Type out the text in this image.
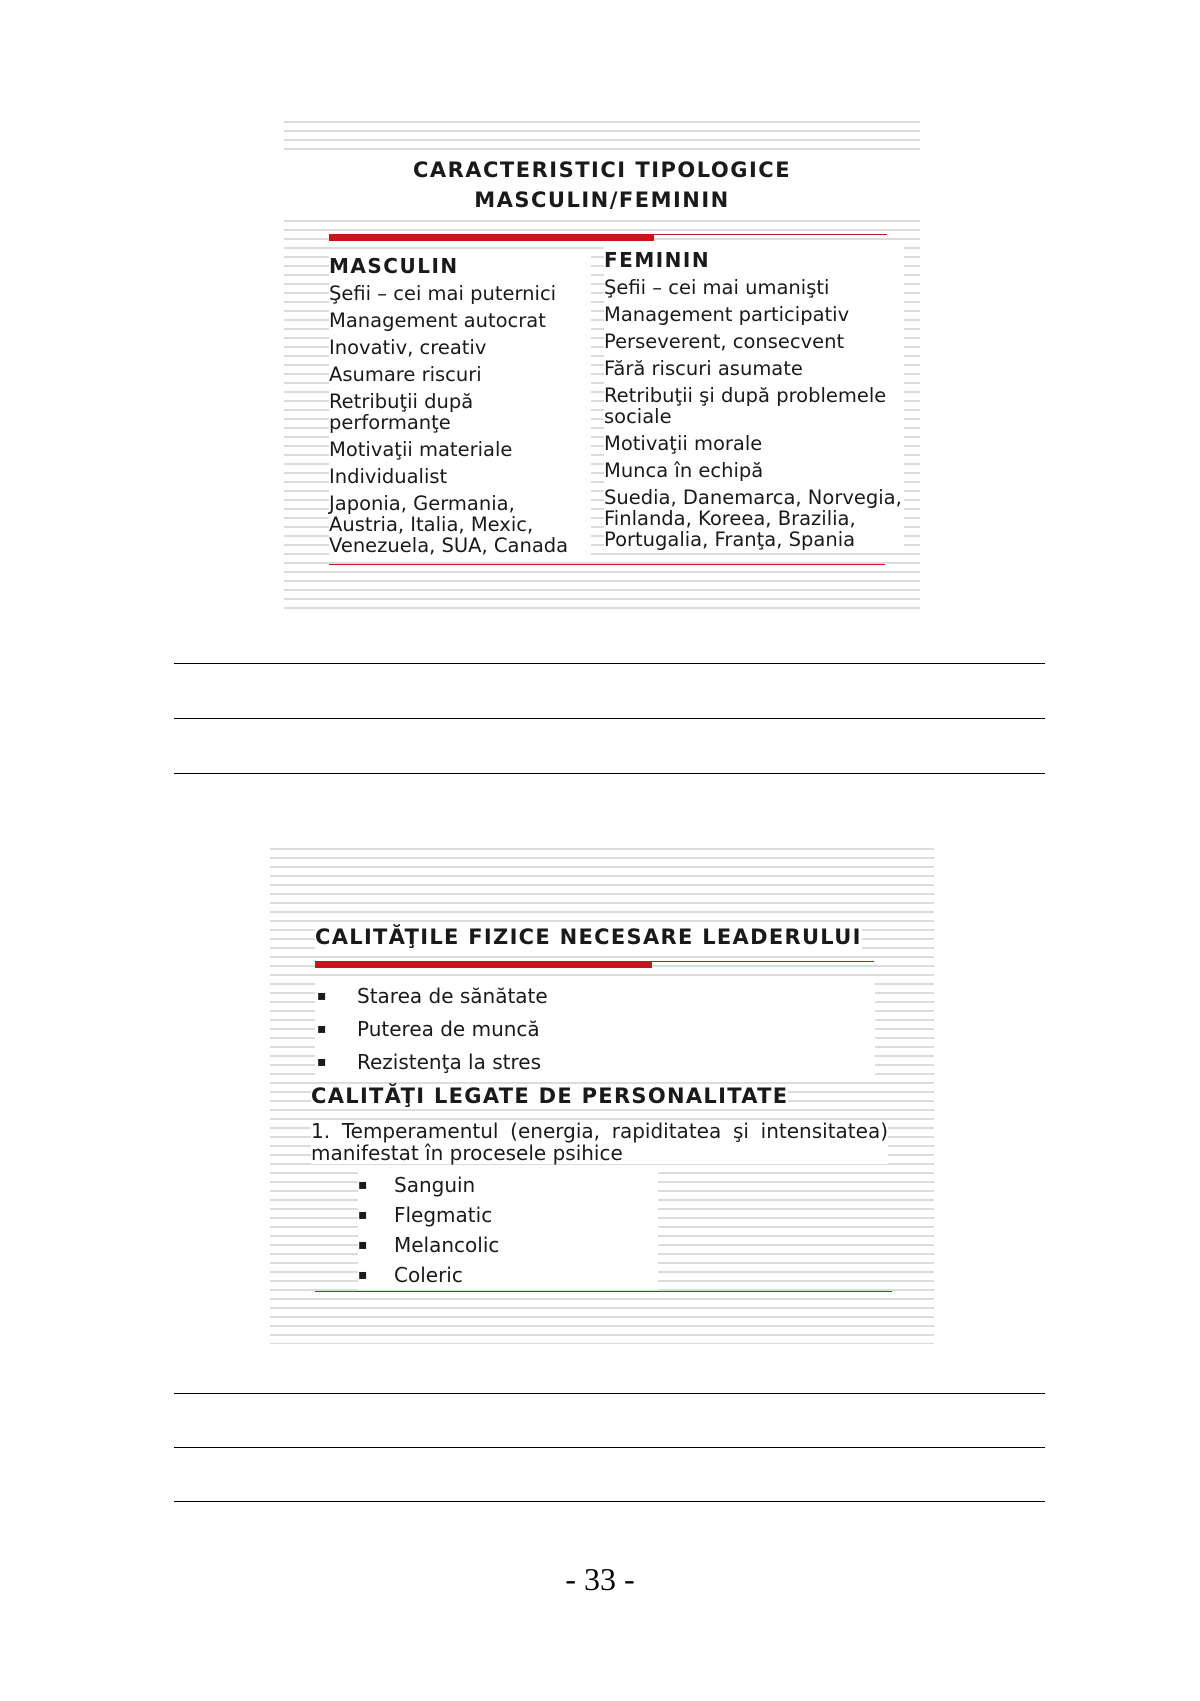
CARACTERISTICI TIPOLOGICE
MASCULIN/FEMININ
MASCULIN
Şefii – cei mai puternici
Management autocrat
Inovativ, creativ
Asumare riscuri
Retribuţii după performanţe
Motivaţii materiale
Individualist
Japonia, Germania, Austria, Italia, Mexic, Venezuela, SUA, Canada
FEMININ
Şefii – cei mai umanişti
Management participativ
Perseverent, consecvent
Fără riscuri asumate
Retribuţii şi după problemele sociale
Motivaţii morale
Munca în echipă
Suedia, Danemarca, Norvegia, Finlanda, Koreea, Brazilia, Portugalia, Franţa, Spania
CALITĂŢILE FIZICE NECESARE LEADERULUI
▪ Starea de sănătate
▪ Puterea de muncă
▪ Rezistenţa la stres
CALITĂŢI LEGATE DE PERSONALITATE
1. Temperamentul (energia, rapiditatea şi intensitatea) manifestat în procesele psihice
▪ Sanguin
▪ Flegmatic
▪ Melancolic
▪ Coleric
- 33 -
